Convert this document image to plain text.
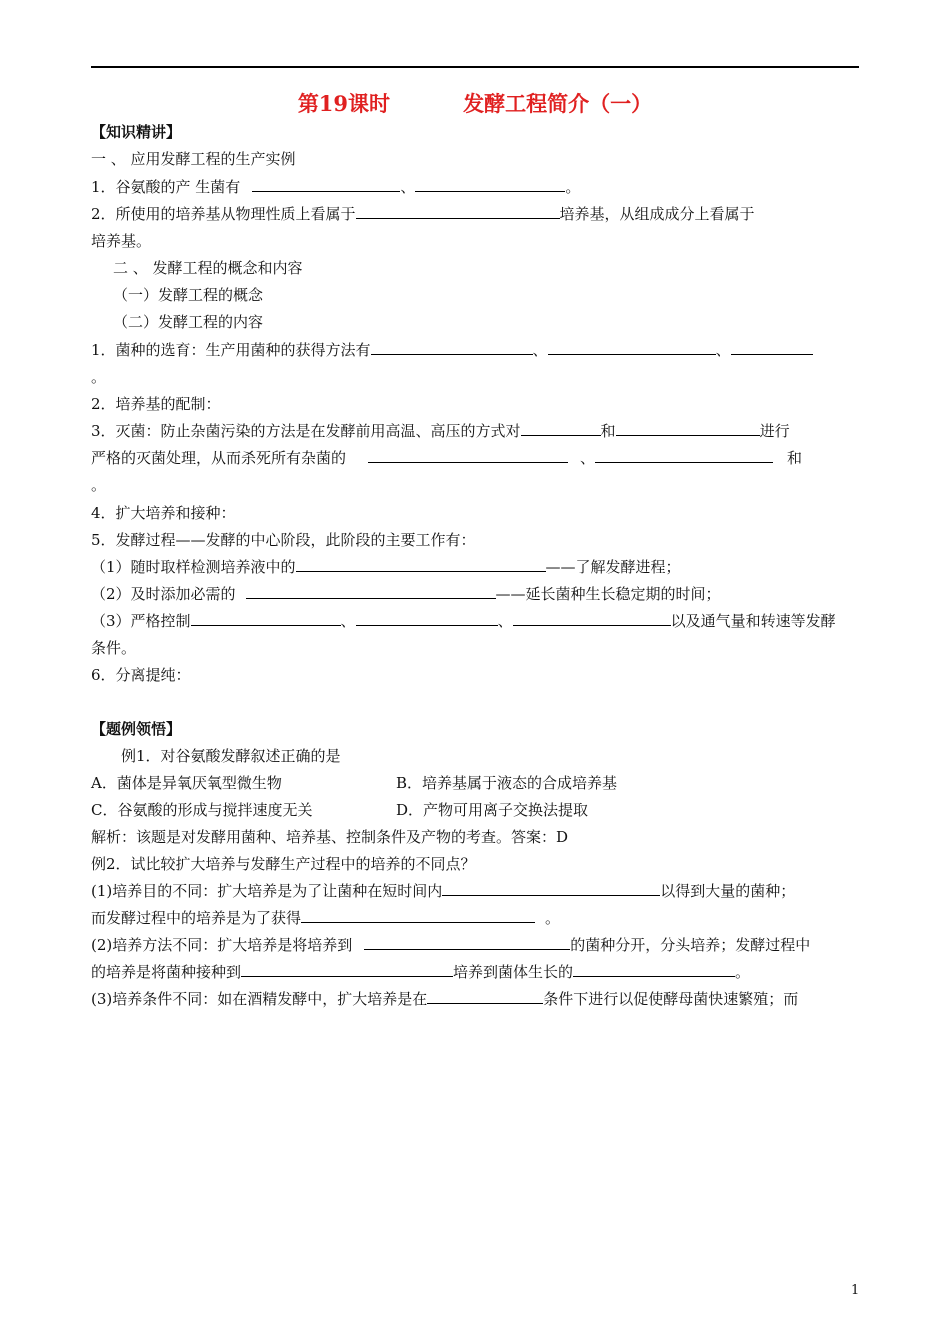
第19课时	发酵工程简介（一）
【知识精讲】
一 、 应用发酵工程的生产实例
1．谷氨酸的产 生菌有	、	。
2．所使用的培养基从物理性质上看属于	培养基，从组成成分上看属于
培养基。
二 、 发酵工程的概念和内容
（一）发酵工程的概念
（二）发酵工程的内容
1．菌种的选育：生产用菌种的获得方法有	、	、
。
2．培养基的配制：
3．灭菌：防止杂菌污染的方法是在发酵前用高温、高压的方式对	和	进行
严格的灭菌处理，从而杀死所有杂菌的	、	和
。
4．扩大培养和接种：
5．发酵过程——发酵的中心阶段，此阶段的主要工作有：
（1）随时取样检测培养液中的	——了解发酵进程；
（2）及时添加必需的	——延长菌种生长稳定期的时间；
（3）严格控制	、	、	以及通气量和转速等发酵
条件。
6．分离提纯：
【题例领悟】
例1．对谷氨酸发酵叙述正确的是
A．菌体是异氧厌氧型微生物	B．培养基属于液态的合成培养基
C．谷氨酸的形成与搅拌速度无关	D．产物可用离子交换法提取
解析：该题是对发酵用菌种、培养基、控制条件及产物的考查。答案：D
例2．试比较扩大培养与发酵生产过程中的培养的不同点？
(1)培养目的不同：扩大培养是为了让菌种在短时间内	以得到大量的菌种；
而发酵过程中的培养是为了获得	。
(2)培养方法不同：扩大培养是将培养到	的菌种分开，分头培养；发酵过程中
的培养是将菌种接种到	培养到菌体生长的	。
(3)培养条件不同：如在酒精发酵中，扩大培养是在	条件下进行以促使酵母菌快速繁殖；而
1
